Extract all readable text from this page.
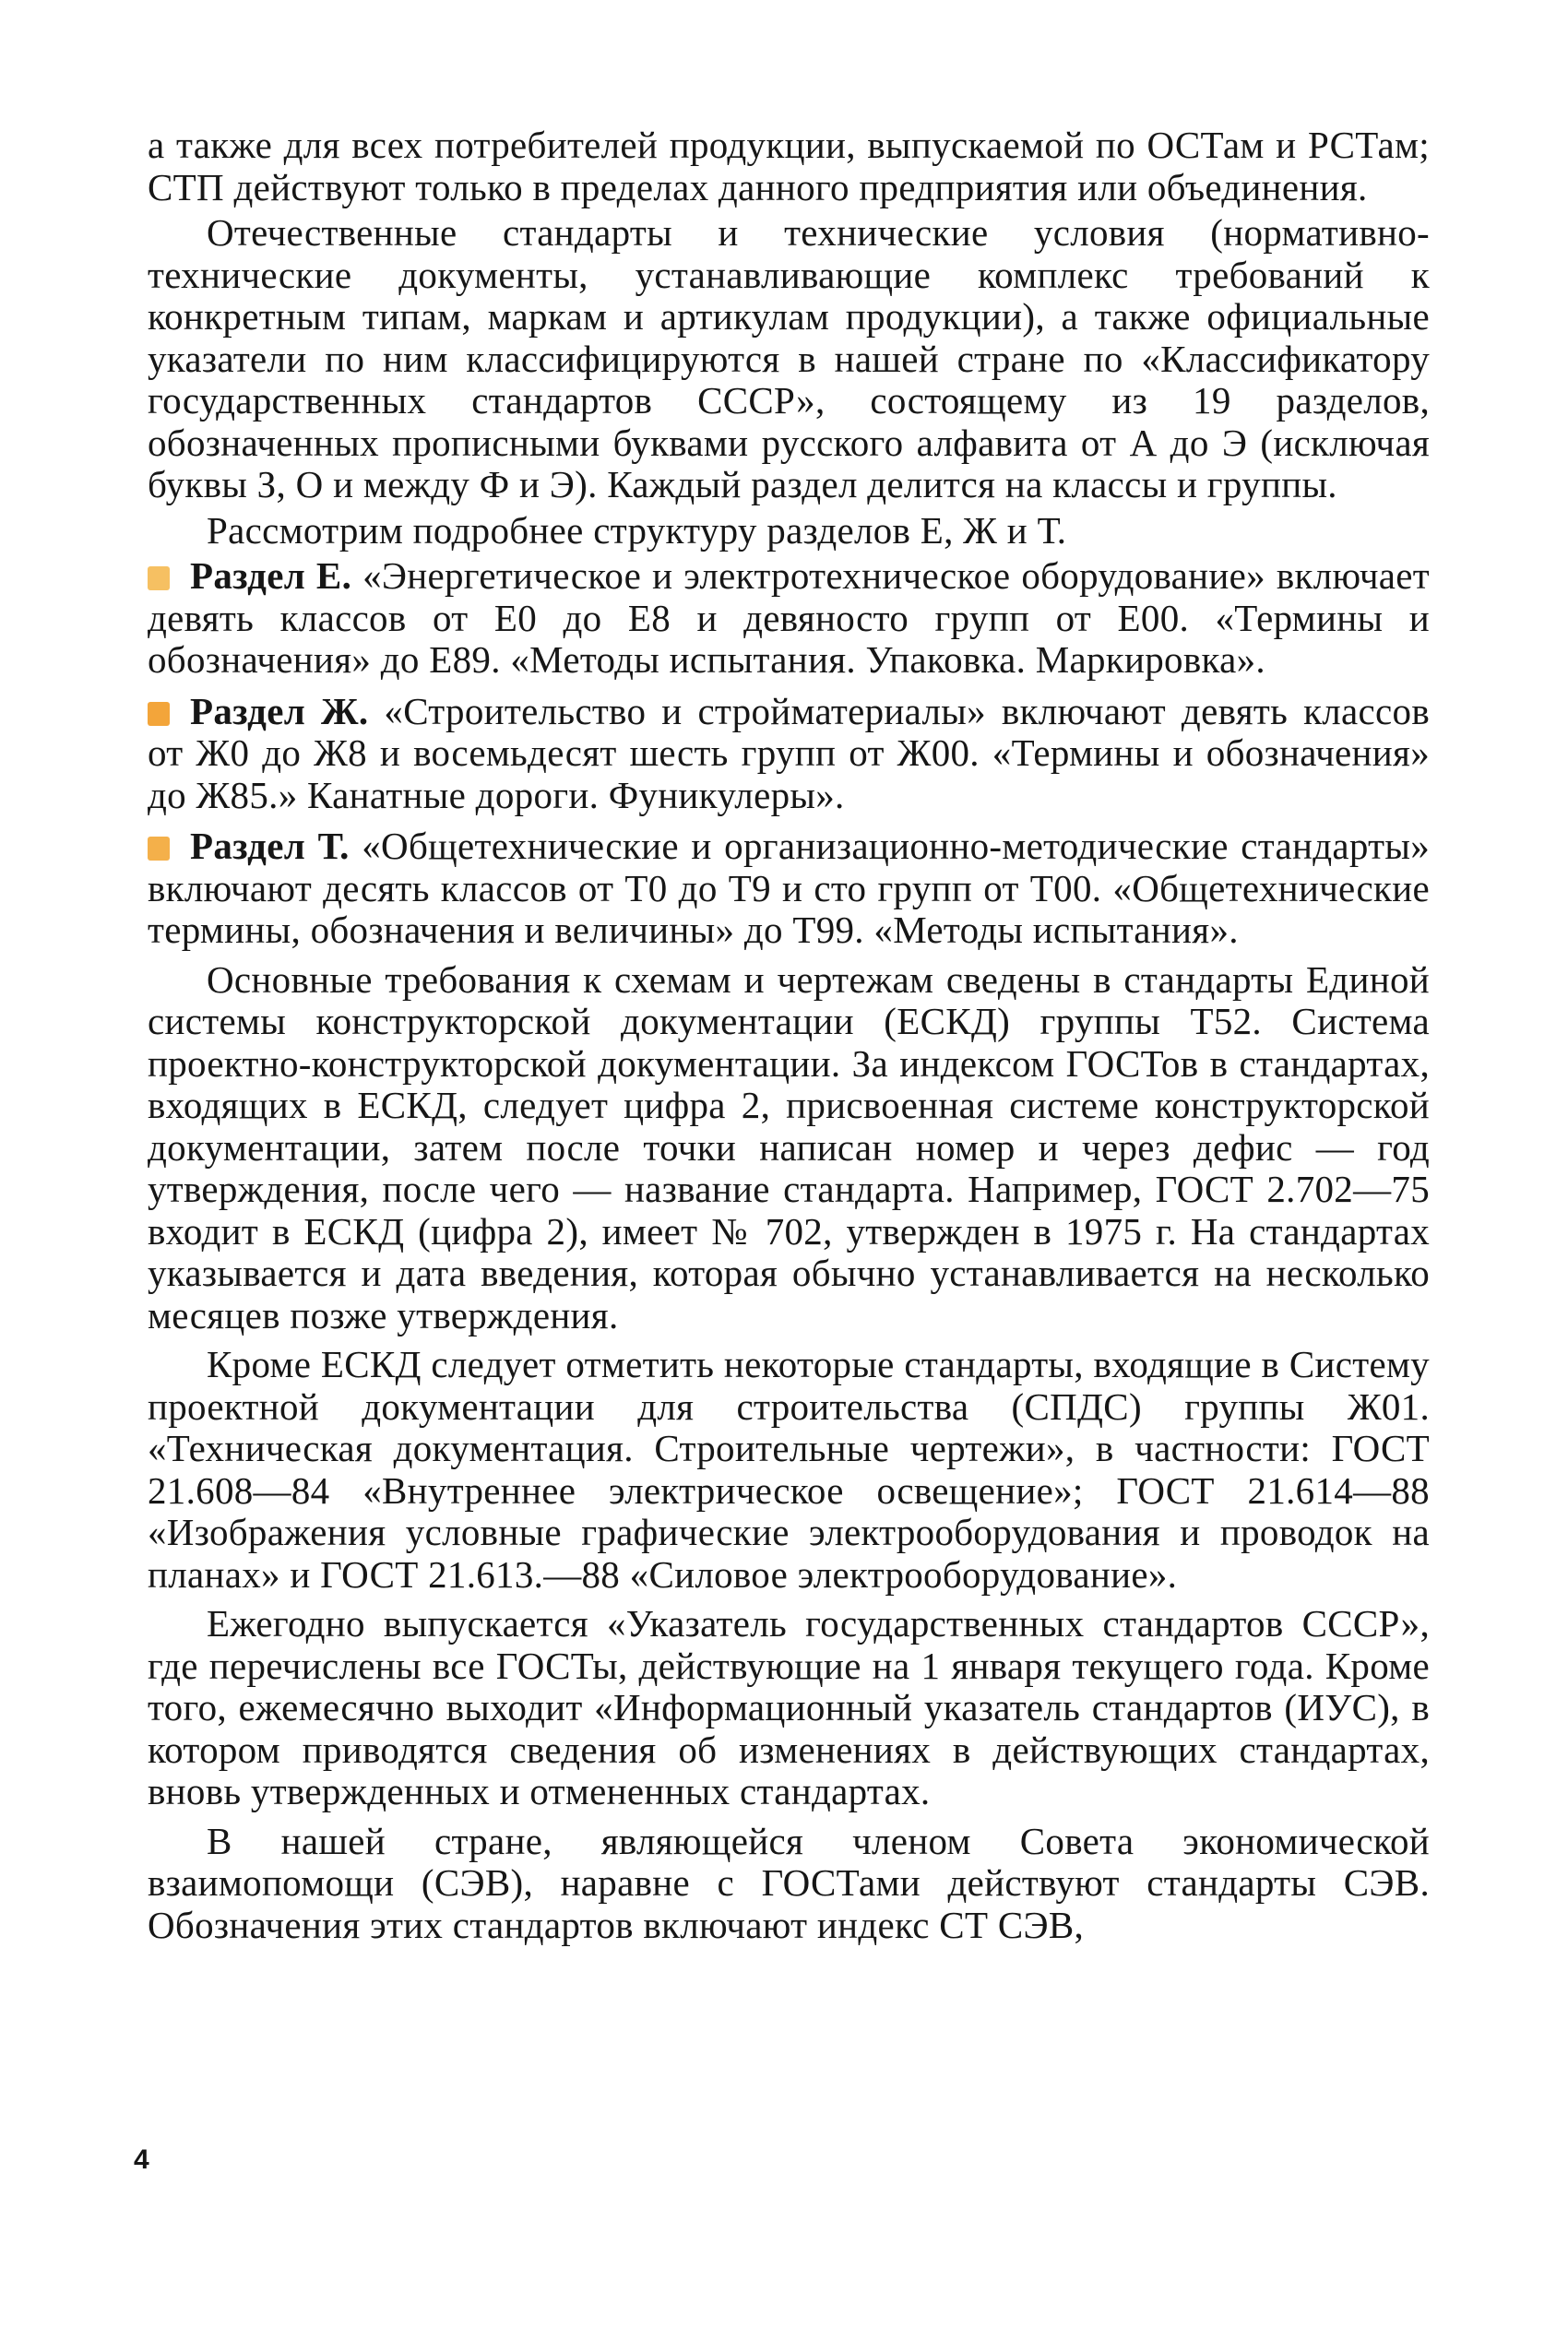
а также для всех потребителей продукции, выпускаемой по ОСТам и РСТам; СТП действуют только в пределах данного предприятия или объединения.

Отечественные стандарты и технические условия (нормативно-технические документы, устанавливающие комплекс требований к конкретным типам, маркам и артикулам продукции), а также официальные указатели по ним классифицируются в нашей стране по «Классификатору государственных стандартов СССР», состоящему из 19 разделов, обозначенных прописными буквами русского алфавита от А до Э (исключая буквы З, О и между Ф и Э). Каждый раздел делится на классы и группы.

Рассмотрим подробнее структуру разделов Е, Ж и Т.

Раздел Е. «Энергетическое и электротехническое оборудование» включает девять классов от Е0 до Е8 и девяносто групп от Е00. «Термины и обозначения» до Е89. «Методы испытания. Упаковка. Маркировка».

Раздел Ж. «Строительство и стройматериалы» включают девять классов от Ж0 до Ж8 и восемьдесят шесть групп от Ж00. «Термины и обозначения» до Ж85.» Канатные дороги. Фуникулеры».

Раздел Т. «Общетехнические и организационно-методические стандарты» включают десять классов от Т0 до Т9 и сто групп от Т00. «Общетехнические термины, обозначения и величины» до Т99. «Методы испытания».

Основные требования к схемам и чертежам сведены в стандарты Единой системы конструкторской документации (ЕСКД) группы Т52. Система проектно-конструкторской документации. За индексом ГОСТов в стандартах, входящих в ЕСКД, следует цифра 2, присвоенная системе конструкторской документации, затем после точки написан номер и через дефис — год утверждения, после чего — название стандарта. Например, ГОСТ 2.702—75 входит в ЕСКД (цифра 2), имеет № 702, утвержден в 1975 г. На стандартах указывается и дата введения, которая обычно устанавливается на несколько месяцев позже утверждения.

Кроме ЕСКД следует отметить некоторые стандарты, входящие в Систему проектной документации для строительства (СПДС) группы Ж01. «Техническая документация. Строительные чертежи», в частности: ГОСТ 21.608—84 «Внутреннее электрическое освещение»; ГОСТ 21.614—88 «Изображения условные графические электрооборудования и проводок на планах» и ГОСТ 21.613.—88 «Силовое электрооборудование».

Ежегодно выпускается «Указатель государственных стандартов СССР», где перечислены все ГОСТы, действующие на 1 января текущего года. Кроме того, ежемесячно выходит «Информационный указатель стандартов (ИУС), в котором приводятся сведения об изменениях в действующих стандартах, вновь утвержденных и отмененных стандартах.

В нашей стране, являющейся членом Совета экономической взаимопомощи (СЭВ), наравне с ГОСТами действуют стандарты СЭВ. Обозначения этих стандартов включают индекс СТ СЭВ,

4
